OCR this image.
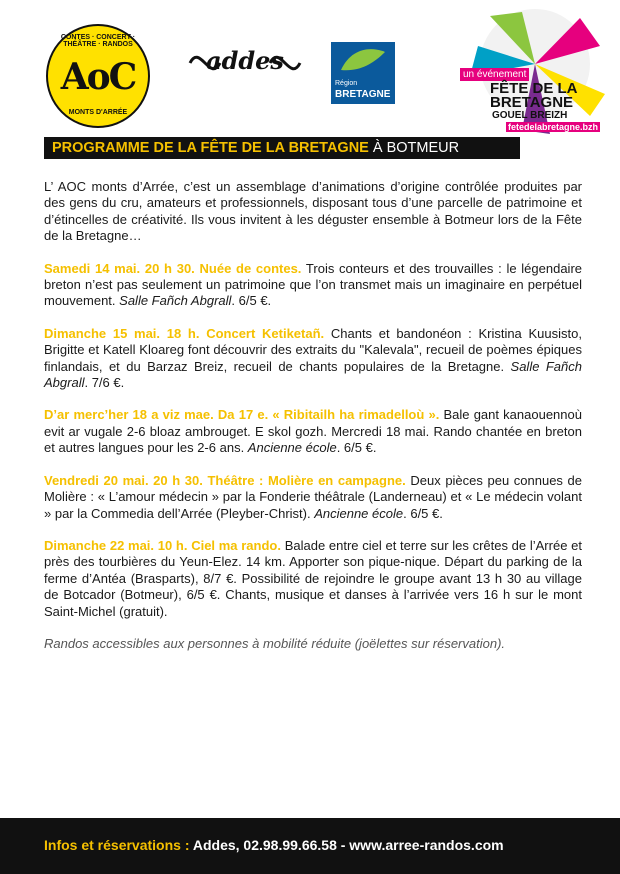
CONTES · CONCERT · THÉÂTRE · RANDOS
AoC
MONTS D'ARRÉE
addes
Région
BRETAGNE
un événement
FÊTE DE LA
BRETAGNE
GOUEL BREIZH
fetedelabretagne.bzh
PROGRAMME DE LA FÊTE DE LA BRETAGNE À BOTMEUR

L’ AOC monts d’Arrée, c’est un assemblage d’animations d’origine contrôlée produites par des gens du cru, amateurs et professionnels, disposant tous d’une parcelle de patrimoine et d’étincelles de créativité. Ils vous invitent à les déguster ensemble à Botmeur lors de la Fête de la Bretagne…

Samedi 14 mai. 20 h 30. Nuée de contes. Trois conteurs et des trouvailles : le légendaire breton n’est pas seulement un patrimoine que l’on transmet mais un imaginaire en perpétuel mouvement. Salle Fañch Abgrall. 6/5 €.

Dimanche 15 mai. 18 h. Concert Ketiketañ. Chants et bandonéon : Kristina Kuusisto, Brigitte et Katell Kloareg font découvrir des extraits du "Kalevala", recueil de poèmes épiques finlandais, et du Barzaz Breiz, recueil de chants populaires de la Bretagne. Salle Fañch Abgrall. 7/6 €.

D’ar merc’her 18 a viz mae. Da 17 e. « Ribitailh ha rimadelloù ». Bale gant kanaouennoù evit ar vugale 2-6 bloaz ambrouget. E skol gozh. Mercredi 18 mai. Rando chantée en breton et autres langues pour les 2-6 ans. Ancienne école. 6/5 €.

Vendredi 20 mai. 20 h 30. Théâtre : Molière en campagne. Deux pièces peu connues de Molière : « L’amour médecin » par la Fonderie théâtrale (Landerneau) et « Le médecin volant » par la Commedia dell’Arrée (Pleyber-Christ). Ancienne école. 6/5 €.

Dimanche 22 mai. 10 h. Ciel ma rando. Balade entre ciel et terre sur les crêtes de l’Arrée et près des tourbières du Yeun-Elez. 14 km. Apporter son pique-nique. Départ du parking de la ferme d’Antéa (Brasparts), 8/7 €. Possibilité de rejoindre le groupe avant 13 h 30 au village de Botcador (Botmeur), 6/5 €. Chants, musique et danses à l’arrivée vers 16 h sur le mont Saint-Michel (gratuit).

Randos accessibles aux personnes à mobilité réduite (joëlettes sur réservation).

Infos et réservations : Addes, 02.98.99.66.58 - www.arree-randos.com
